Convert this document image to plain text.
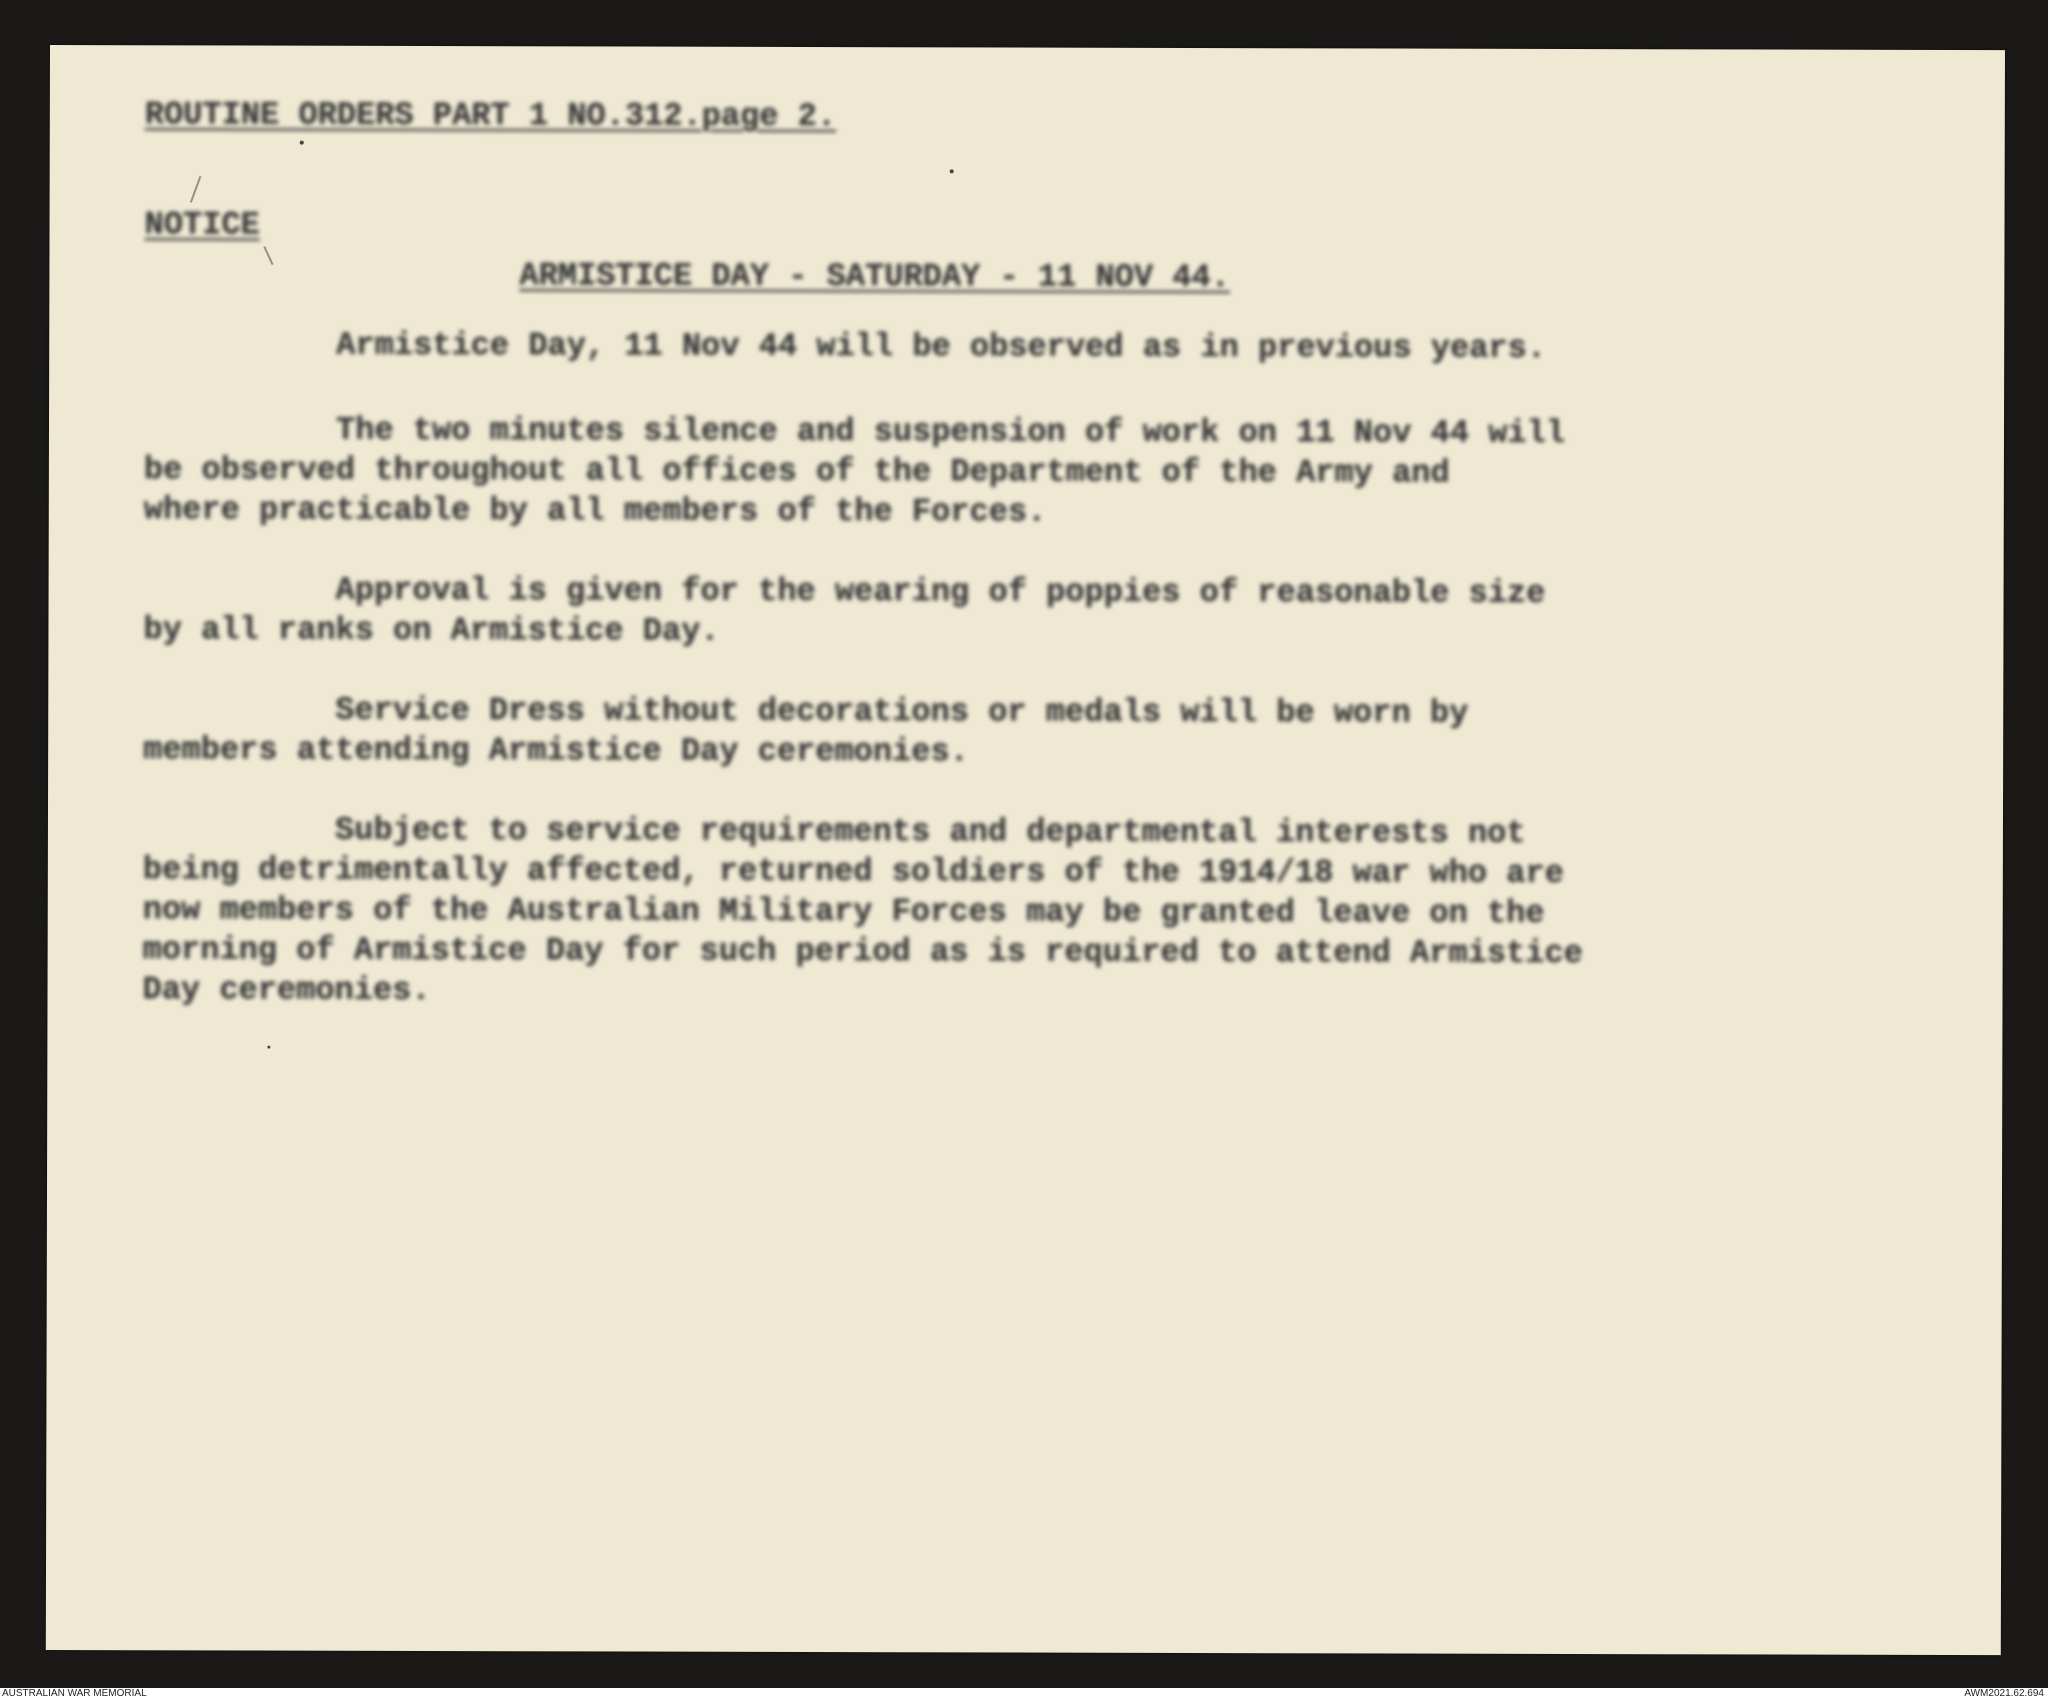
ROUTINE ORDERS PART 1 NO.312.page 2.

NOTICE

ARMISTICE DAY - SATURDAY - 11 NOV 44.

Armistice Day, 11 Nov 44 will be observed as in previous years.

The two minutes silence and suspension of work on 11 Nov 44 will

be observed throughout all offices of the Department of the Army and

where practicable by all members of the Forces.

Approval is given for the wearing of poppies of reasonable size

by all ranks on Armistice Day.

Service Dress without decorations or medals will be worn by

members attending Armistice Day ceremonies.

Subject to service requirements and departmental interests not

being detrimentally affected, returned soldiers of the 1914/18 war who are

now members of the Australian Military Forces may be granted leave on the

morning of Armistice Day for such period as is required to attend Armistice

Day ceremonies.

AUSTRALIAN WAR MEMORIAL	AWM2021.62.694
